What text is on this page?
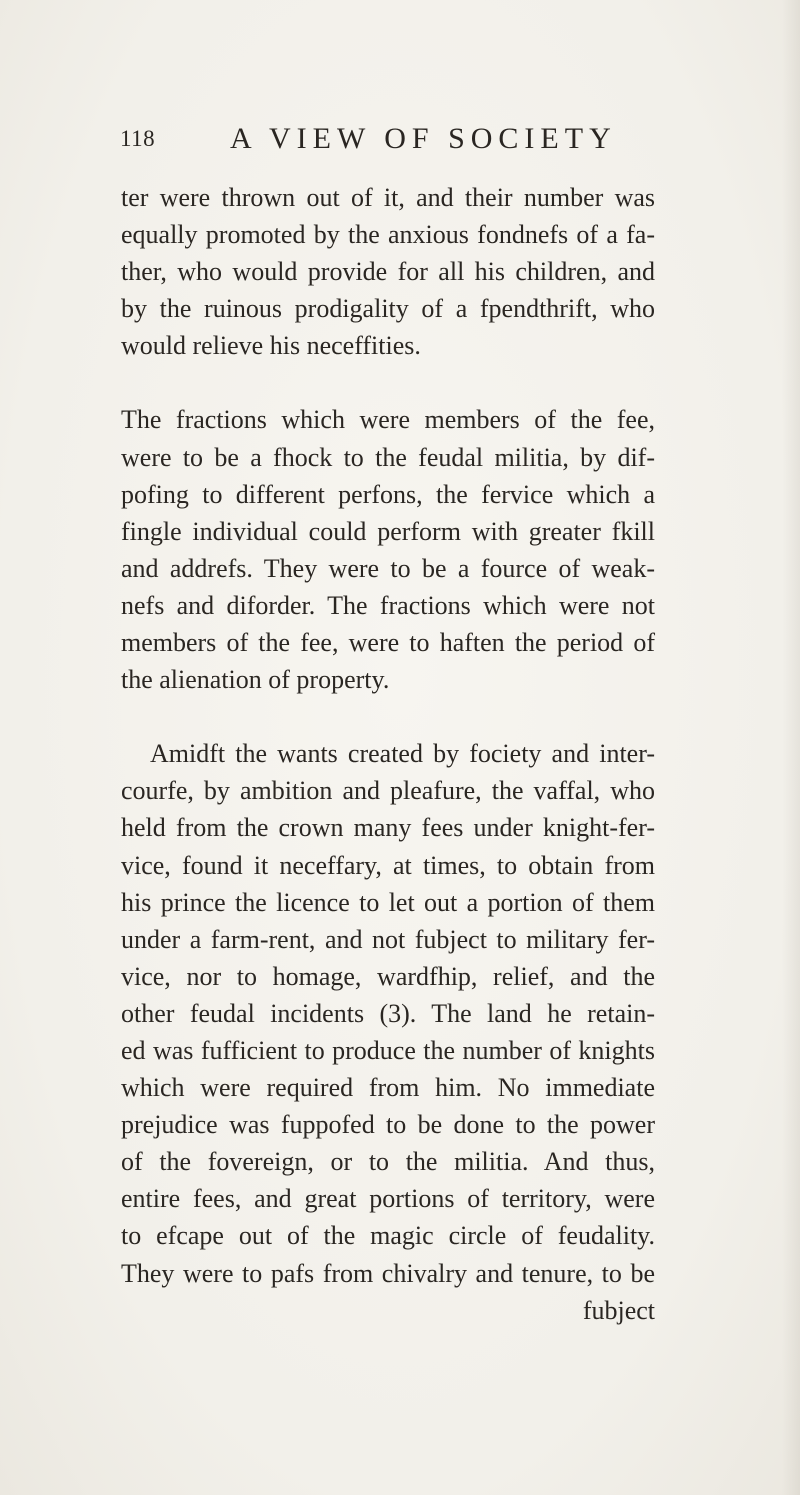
118 A VIEW OF SOCIETY
ter were thrown out of it, and their number was
equally promoted by the anxious fondnefs of a fa-
ther, who would provide for all his children, and
by the ruinous prodigality of a fpendthrift, who
would relieve his neceffities.
The fractions which were members of the fee,
were to be a fhock to the feudal militia, by dif-
pofing to different perfons, the fervice which a
fingle individual could perform with greater fkill
and addrefs. They were to be a fource of weak-
nefs and diforder. The fractions which were not
members of the fee, were to haften the period of
the alienation of property.
Amidft the wants created by fociety and inter-
courfe, by ambition and pleafure, the vaffal, who
held from the crown many fees under knight-fer-
vice, found it neceffary, at times, to obtain from
his prince the licence to let out a portion of them
under a farm-rent, and not fubject to military fer-
vice, nor to homage, wardfhip, relief, and the
other feudal incidents (3). The land he retain-
ed was fufficient to produce the number of knights
which were required from him. No immediate
prejudice was fuppofed to be done to the power
of the fovereign, or to the militia. And thus,
entire fees, and great portions of territory, were
to efcape out of the magic circle of feudality.
They were to pafs from chivalry and tenure, to be
fubject
